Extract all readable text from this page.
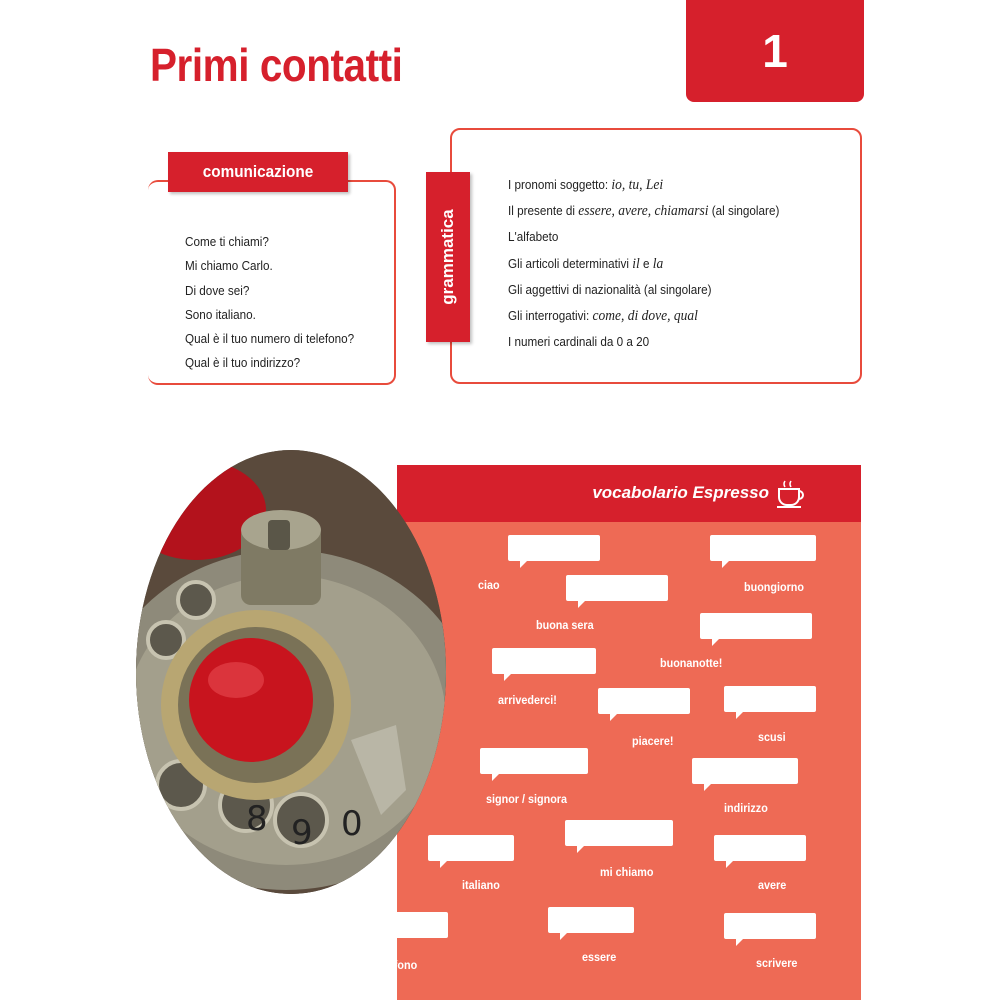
Primi contatti	1
comunicazione
Come ti chiami?
Mi chiamo Carlo.
Di dove sei?
Sono italiano.
Qual è il tuo numero di telefono?
Qual è il tuo indirizzo?
grammatica
I pronomi soggetto: io, tu, Lei
Il presente di essere, avere, chiamarsi (al singolare)
L'alfabeto
Gli articoli determinativi il e la
Gli aggettivi di nazionalità (al singolare)
Gli interrogativi: come, di dove, qual
I numeri cardinali da 0 a 20
vocabolario Espresso
8 9 0
ciao	buongiorno
buona sera
buonanotte!
arrivederci!
piacere!	scusi
signor / signora
indirizzo
italiano
mi chiamo
avere
numero di telefono
essere	scrivere
